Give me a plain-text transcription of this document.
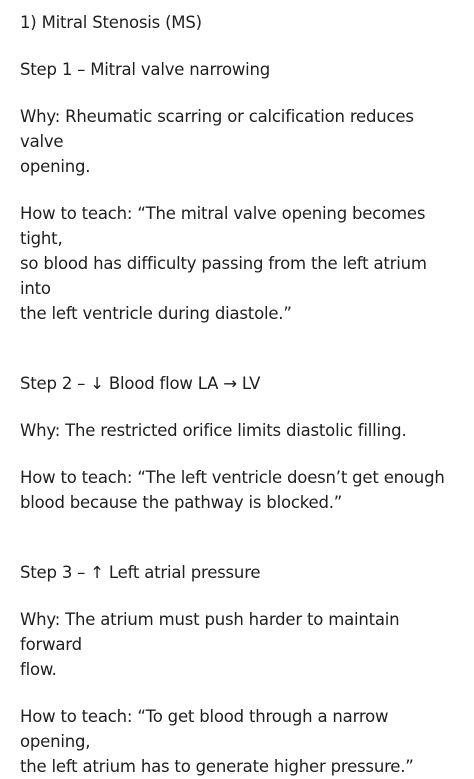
1) Mitral Stenosis (MS)

Step 1 – Mitral valve narrowing

Why: Rheumatic scarring or calcification reduces valve

opening.

How to teach: “The mitral valve opening becomes tight,

so blood has difficulty passing from the left atrium into

the left ventricle during diastole.”

Step 2 – ↓ Blood flow LA → LV

Why: The restricted orifice limits diastolic filling.

How to teach: “The left ventricle doesn’t get enough

blood because the pathway is blocked.”

Step 3 – ↑ Left atrial pressure

Why: The atrium must push harder to maintain forward

flow.

How to teach: “To get blood through a narrow opening,

the left atrium has to generate higher pressure.”
